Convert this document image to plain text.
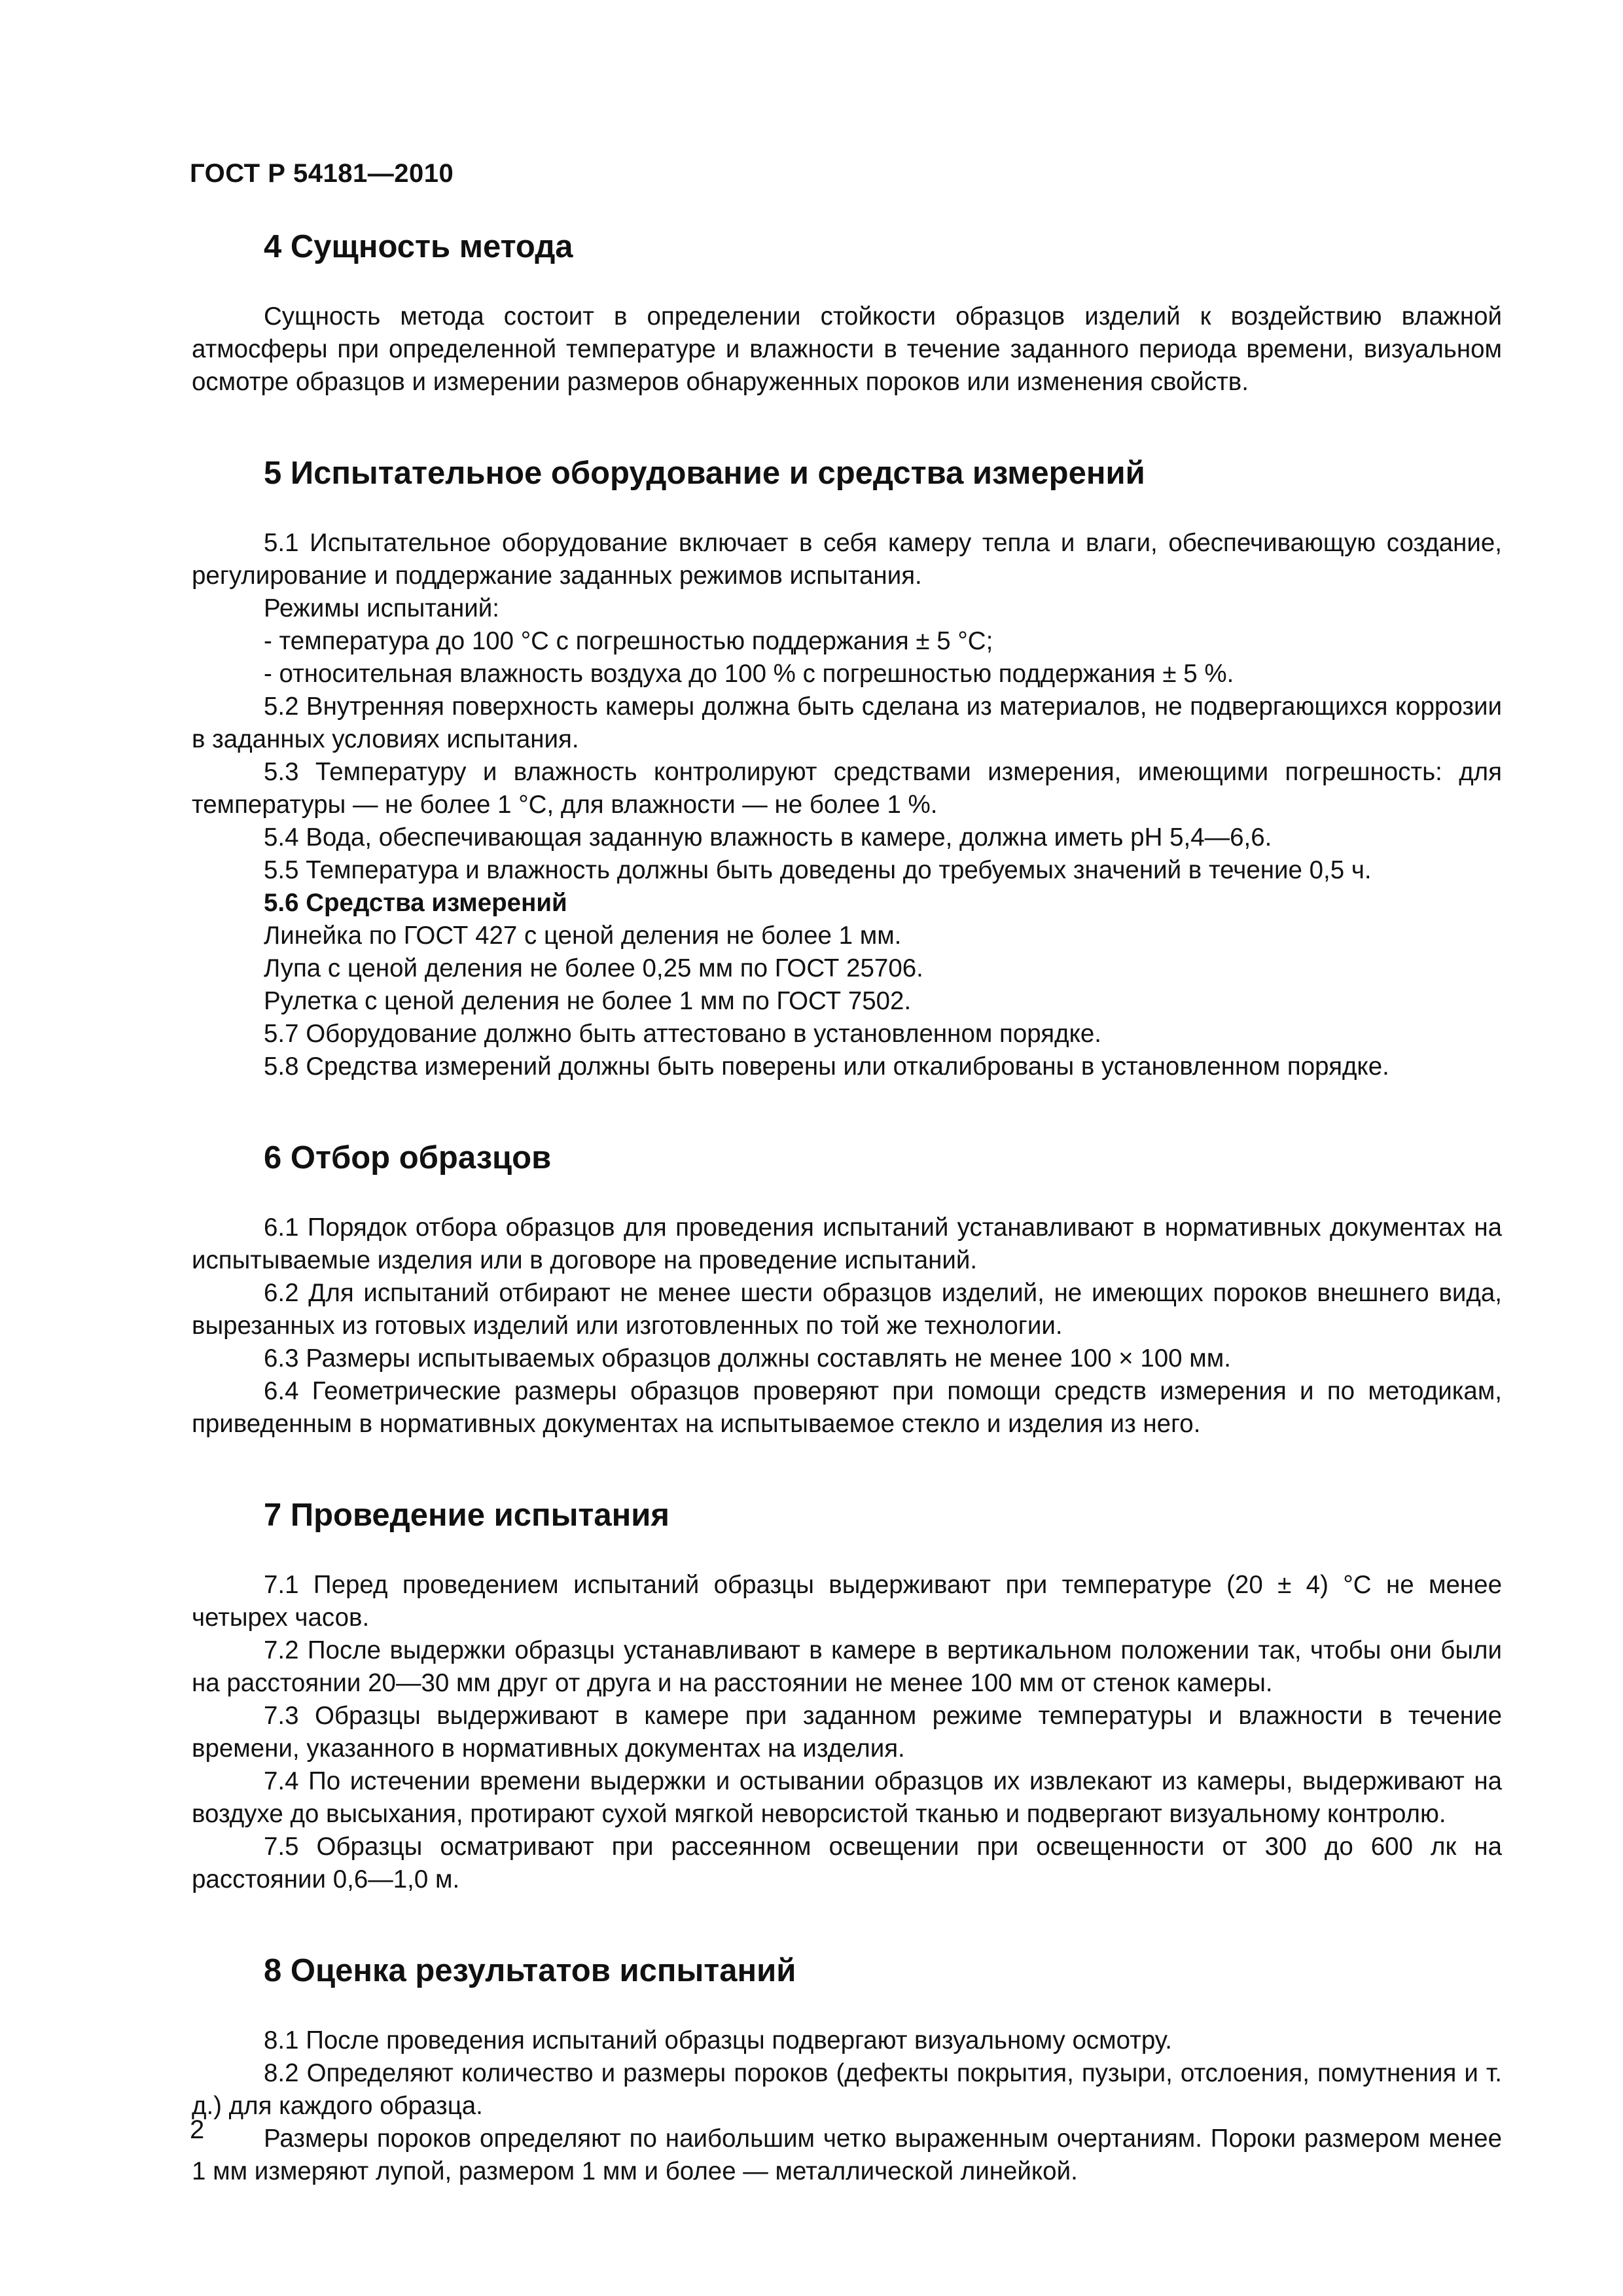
ГОСТ Р 54181—2010

4 Сущность метода

Сущность метода состоит в определении стойкости образцов изделий к воздействию влажной атмосферы при определенной температуре и влажности в течение заданного периода времени, визуальном осмотре образцов и измерении размеров обнаруженных пороков или изменения свойств.

5 Испытательное оборудование и средства измерений

5.1 Испытательное оборудование включает в себя камеру тепла и влаги, обеспечивающую создание, регулирование и поддержание заданных режимов испытания.

Режимы испытаний:

- температура до 100 °С с погрешностью поддержания ± 5 °С;

- относительная влажность воздуха до 100 % с погрешностью поддержания ± 5 %.

5.2 Внутренняя поверхность камеры должна быть сделана из материалов, не подвергающихся коррозии в заданных условиях испытания.

5.3 Температуру и влажность контролируют средствами измерения, имеющими погрешность: для температуры — не более 1 °С, для влажности — не более 1 %.

5.4 Вода, обеспечивающая заданную влажность в камере, должна иметь рН 5,4—6,6.

5.5 Температура и влажность должны быть доведены до требуемых значений в течение 0,5 ч.

5.6 Средства измерений

Линейка по ГОСТ 427 с ценой деления не более 1 мм.

Лупа с ценой деления не более 0,25 мм по ГОСТ 25706.

Рулетка с ценой деления не более 1 мм по ГОСТ 7502.

5.7 Оборудование должно быть аттестовано в установленном порядке.

5.8 Средства измерений должны быть поверены или откалиброваны в установленном порядке.

6 Отбор образцов

6.1 Порядок отбора образцов для проведения испытаний устанавливают в нормативных документах на испытываемые изделия или в договоре на проведение испытаний.

6.2 Для испытаний отбирают не менее шести образцов изделий, не имеющих пороков внешнего вида, вырезанных из готовых изделий или изготовленных по той же технологии.

6.3 Размеры испытываемых образцов должны составлять не менее 100 × 100 мм.

6.4 Геометрические размеры образцов проверяют при помощи средств измерения и по методикам, приведенным в нормативных документах на испытываемое стекло и изделия из него.

7 Проведение испытания

7.1 Перед проведением испытаний образцы выдерживают при температуре (20 ± 4) °С не менее четырех часов.

7.2 После выдержки образцы устанавливают в камере в вертикальном положении так, чтобы они были на расстоянии 20—30 мм друг от друга и на расстоянии не менее 100 мм от стенок камеры.

7.3 Образцы выдерживают в камере при заданном режиме температуры и влажности в течение времени, указанного в нормативных документах на изделия.

7.4 По истечении времени выдержки и остывании образцов их извлекают из камеры, выдерживают на воздухе до высыхания, протирают сухой мягкой неворсистой тканью и подвергают визуальному контролю.

7.5 Образцы осматривают при рассеянном освещении при освещенности от 300 до 600 лк на расстоянии 0,6—1,0 м.

8 Оценка результатов испытаний

8.1 После проведения испытаний образцы подвергают визуальному осмотру.

8.2 Определяют количество и размеры пороков (дефекты покрытия, пузыри, отслоения, помутнения и т. д.) для каждого образца.

Размеры пороков определяют по наибольшим четко выраженным очертаниям. Пороки размером менее 1 мм измеряют лупой, размером 1 мм и более — металлической линейкой.

2
